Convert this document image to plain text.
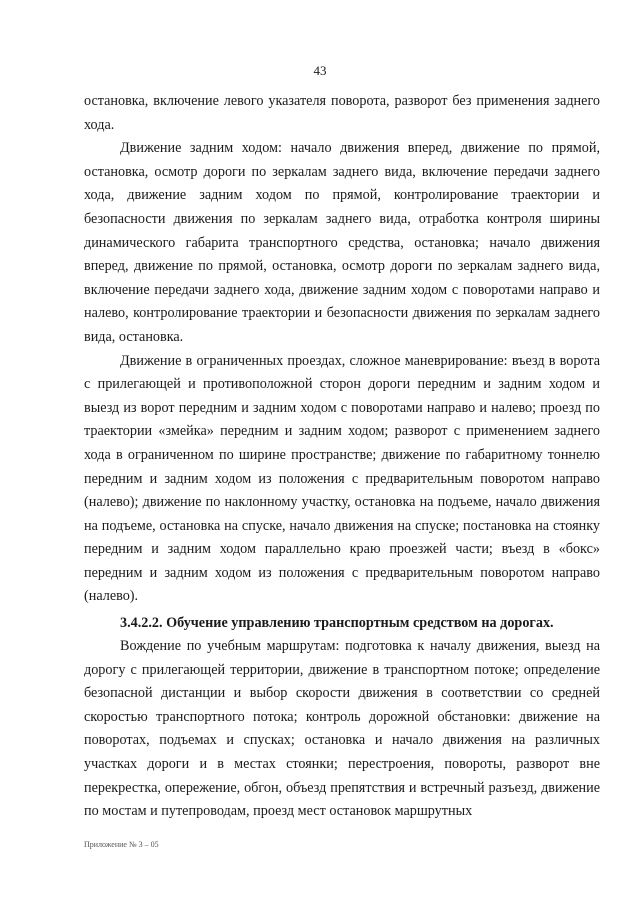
43

остановка, включение левого указателя поворота, разворот без применения заднего хода.

Движение задним ходом: начало движения вперед, движение по прямой, остановка, осмотр дороги по зеркалам заднего вида, включение передачи заднего хода, движение задним ходом по прямой, контролирование траектории и безопасности движения по зеркалам заднего вида, отработка контроля ширины динамического габарита транспортного средства, остановка; начало движения вперед, движение по прямой, остановка, осмотр дороги по зеркалам заднего вида, включение передачи заднего хода, движение задним ходом с поворотами направо и налево, контролирование траектории и безопасности движения по зеркалам заднего вида, остановка.

Движение в ограниченных проездах, сложное маневрирование: въезд в ворота с прилегающей и противоположной сторон дороги передним и задним ходом и выезд из ворот передним и задним ходом с поворотами направо и налево; проезд по траектории «змейка» передним и задним ходом; разворот с применением заднего хода в ограниченном по ширине пространстве; движение по габаритному тоннелю передним и задним ходом из положения с предварительным поворотом направо (налево); движение по наклонному участку, остановка на подъеме, начало движения на подъеме, остановка на спуске, начало движения на спуске; постановка на стоянку передним и задним ходом параллельно краю проезжей части; въезд в «бокс» передним и задним ходом из положения с предварительным поворотом направо (налево).

3.4.2.2. Обучение управлению транспортным средством на дорогах.

Вождение по учебным маршрутам: подготовка к началу движения, выезд на дорогу с прилегающей территории, движение в транспортном потоке; определение безопасной дистанции и выбор скорости движения в соответствии со средней скоростью транспортного потока; контроль дорожной обстановки: движение на поворотах, подъемах и спусках; остановка и начало движения на различных участках дороги и в местах стоянки; перестроения, повороты, разворот вне перекрестка, опережение, обгон, объезд препятствия и встречный разъезд, движение по мостам и путепроводам, проезд мест остановок маршрутных

Приложение № 3 – 05
